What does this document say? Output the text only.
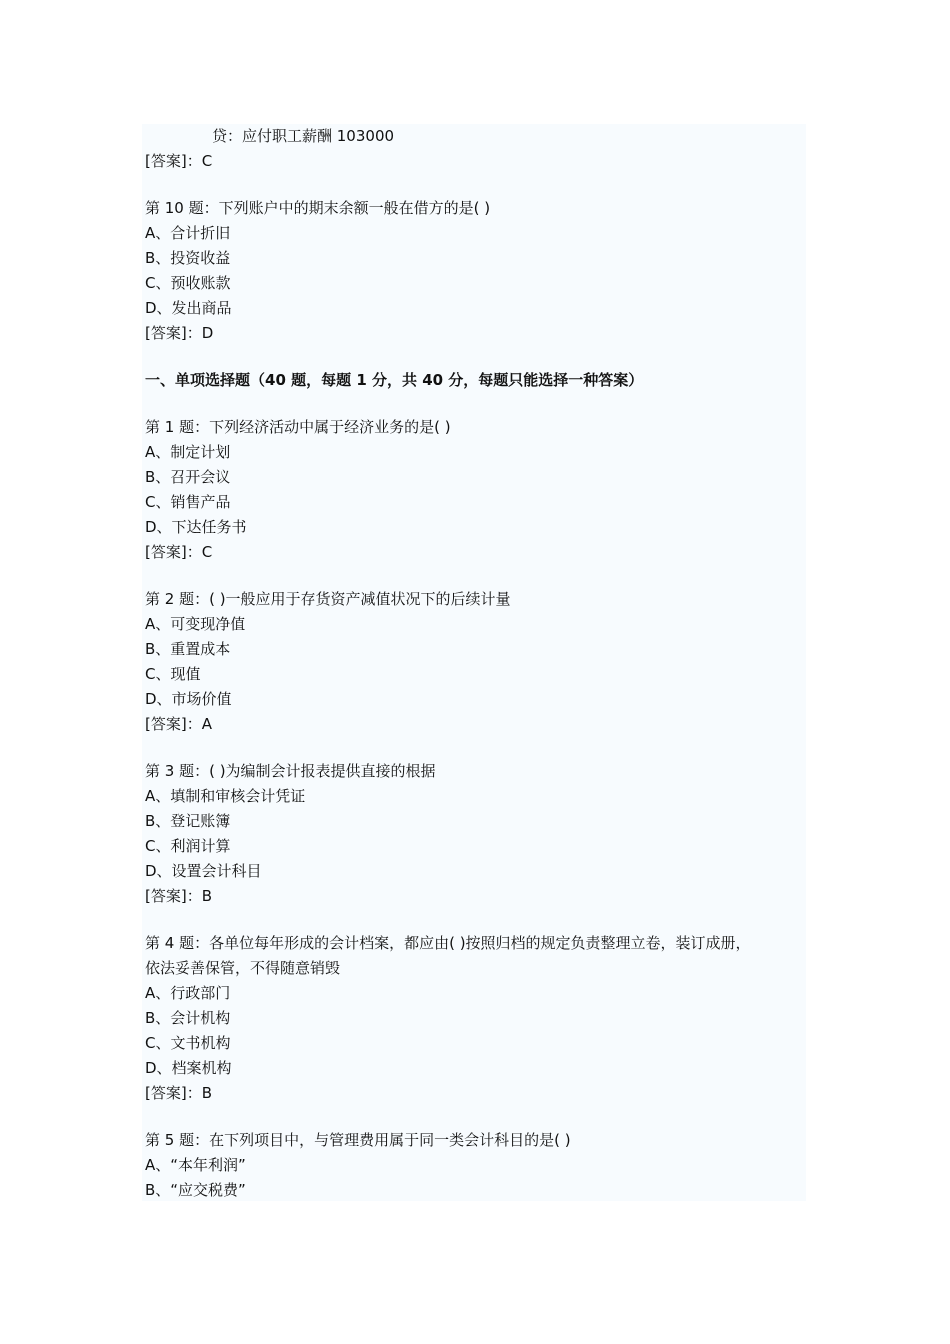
贷：应付职工薪酬 103000

[答案]：C

第 10 题：下列账户中的期末余额一般在借方的是( )

A、合计折旧

B、投资收益

C、预收账款

D、发出商品

[答案]：D

一、单项选择题（40 题，每题 1 分，共 40 分，每题只能选择一种答案）

第 1 题：下列经济活动中属于经济业务的是( )

A、制定计划

B、召开会议

C、销售产品

D、下达任务书

[答案]：C

第 2 题：( )一般应用于存货资产减值状况下的后续计量

A、可变现净值

B、重置成本

C、现值

D、市场价值

[答案]：A

第 3 题：( )为编制会计报表提供直接的根据

A、填制和审核会计凭证

B、登记账簿

C、利润计算

D、设置会计科目

[答案]：B

第 4 题：各单位每年形成的会计档案，都应由( )按照归档的规定负责整理立卷，装订成册，

依法妥善保管，不得随意销毁

A、行政部门

B、会计机构

C、文书机构

D、档案机构

[答案]：B

第 5 题：在下列项目中，与管理费用属于同一类会计科目的是( )

A、“本年利润”

B、“应交税费”
